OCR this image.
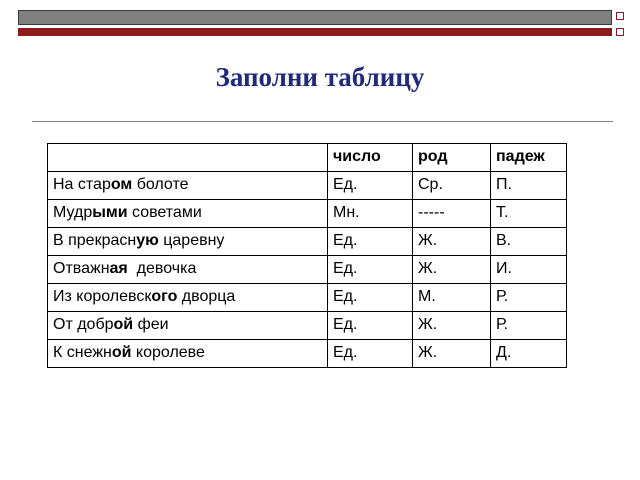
Заполни таблицу
	число	род	падеж
На старом болоте	Ед.	Ср.	П.
Мудрыми советами	Мн.	-----	Т.
В прекрасную царевну	Ед.	Ж.	В.
Отважная  девочка	Ед.	Ж.	И.
Из королевского дворца	Ед.	М.	Р.
От доброй феи	Ед.	Ж.	Р.
К снежной королеве	Ед.	Ж.	Д.
